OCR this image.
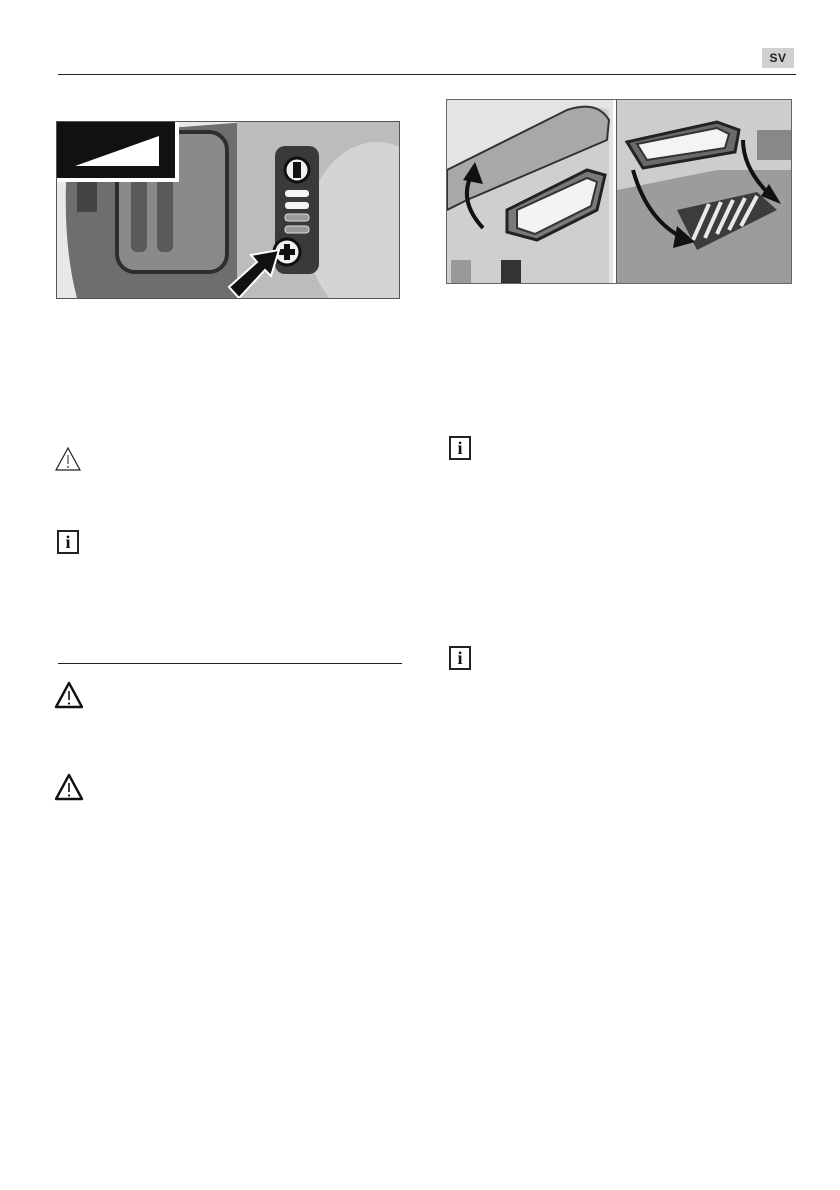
SV
i
i
i
